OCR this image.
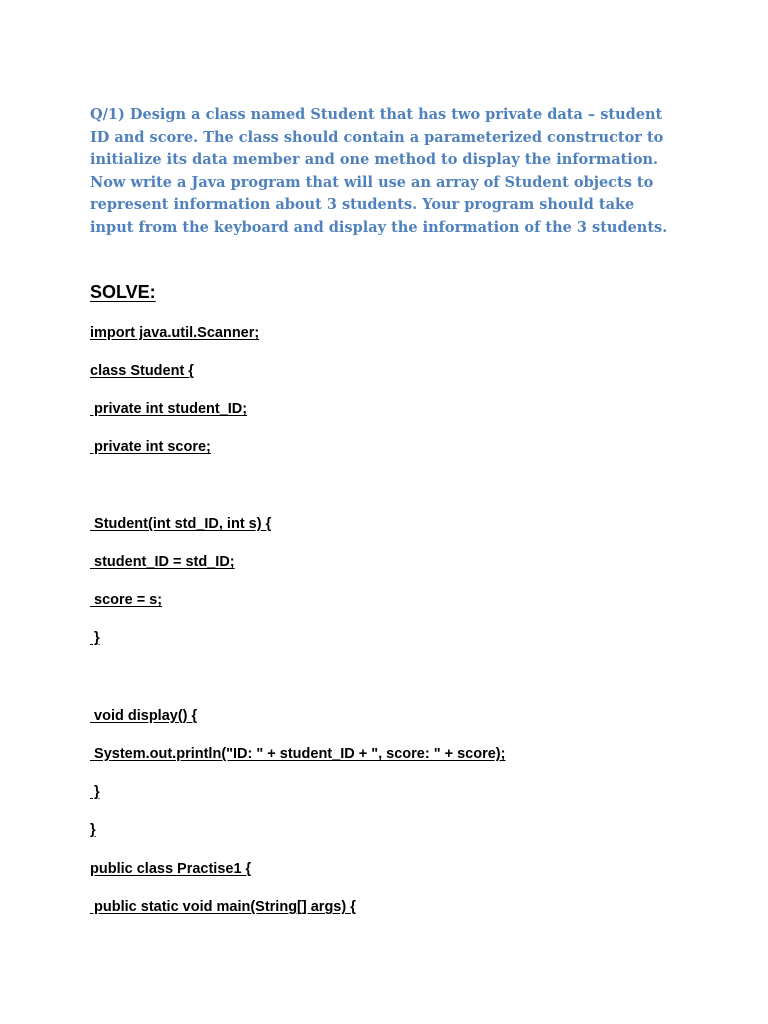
Q/1) Design a class named Student that has two private data – student ID and score. The class should contain a parameterized constructor to initialize its data member and one method to display the information. Now write a Java program that will use an array of Student objects to represent information about 3 students. Your program should take input from the keyboard and display the information of the 3 students.

SOLVE:

import java.util.Scanner;

class Student {

private int student_ID;

private int score;

Student(int std_ID, int s) {

student_ID = std_ID;

score = s;

}

void display() {

System.out.println("ID: " + student_ID + ", score: " + score);

}

}

public class Practise1 {

public static void main(String[] args) {
